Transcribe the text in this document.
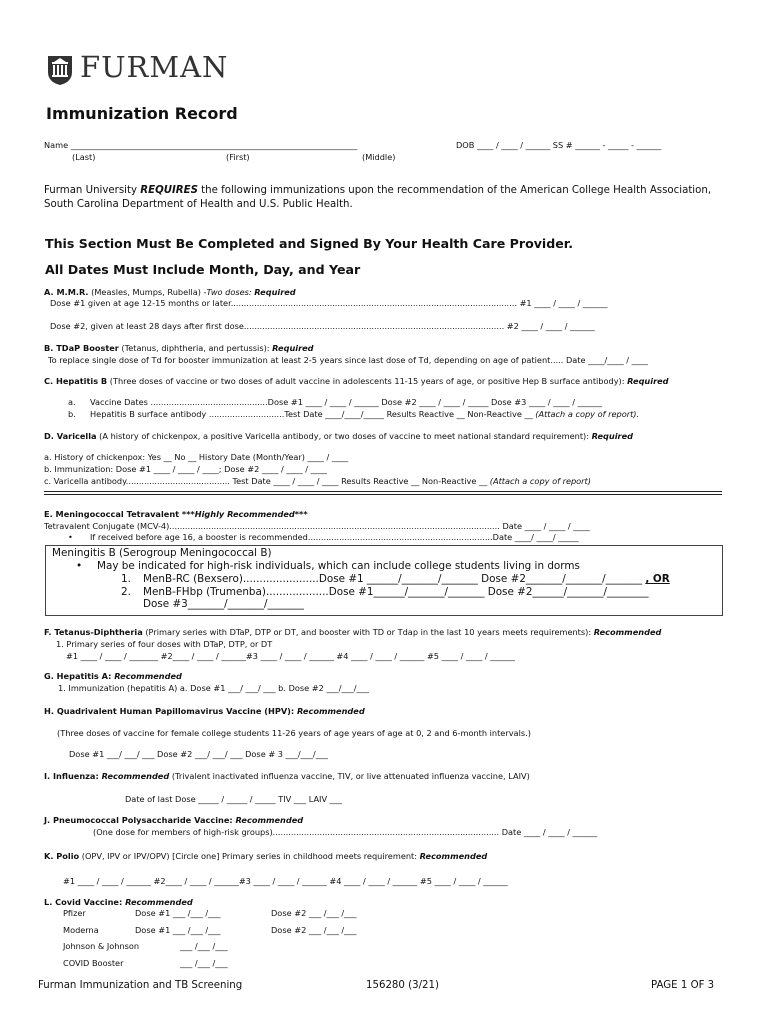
FURMAN
Immunization Record
Name ______________________________________________________________________	DOB ____ / ____ / ______ SS # ______ - _____ - ______
(Last)	(First)	(Middle)
Furman University REQUIRES the following immunizations upon the recommendation of the American College Health Association,
South Carolina Department of Health and U.S. Public Health.
This Section Must Be Completed and Signed By Your Health Care Provider.
All Dates Must Include Month, Day, and Year
A. M.M.R. (Measles, Mumps, Rubella) -Two doses: Required
Dose #1 given at age 12-15 months or later.............................................................................................................. #1 ____ / ____ / ______
Dose #2, given at least 28 days after first dose.................................................................................................... #2 ____ / ____ / ______
B. TDaP Booster (Tetanus, diphtheria, and pertussis): Required
To replace single dose of Td for booster immunization at least 2-5 years since last dose of Td, depending on age of patient..... Date ____/____ / ____
C. Hepatitis B (Three doses of vaccine or two doses of adult vaccine in adolescents 11-15 years of age, or positive Hep B surface antibody): Required
a. Vaccine Dates .............................................Dose #1 ____ / ____ / ______ Dose #2 ____ / ____ / _____ Dose #3 ____ / ____ / ______
b. Hepatitis B surface antibody .............................Test Date ____/____/_____ Results Reactive __ Non-Reactive __ (Attach a copy of report).
D. Varicella (A history of chickenpox, a positive Varicella antibody, or two doses of vaccine to meet national standard requirement): Required
a. History of chickenpox: Yes __ No __ History Date (Month/Year) ____ / ____
b. Immunization: Dose #1 ____ / ____ / ____; Dose #2 ____ / ____ / ____
c. Varicella antibody........................................ Test Date ____ / ____ / ____ Results Reactive __ Non-Reactive __ (Attach a copy of report)
E. Meningococcal Tetravalent ***Highly Recommended***
Tetravalent Conjugate (MCV-4)............................................................................................................................... Date ____ / ____ / ____
• If received before age 16, a booster is recommended.......................................................................Date ____/ ____/ _____
Meningitis B (Serogroup Meningococcal B)
• May be indicated for high-risk individuals, which can include college students living in dorms
1. MenB-RC (Bexsero).......................Dose #1 ______/_______/_______ Dose #2_______/_______/_______ , OR
2. MenB-FHbp (Trumenba)...................Dose #1______/_______/_______ Dose #2______/_______/________
Dose #3_______/_______/_______
F. Tetanus-Diphtheria (Primary series with DTaP, DTP or DT, and booster with TD or Tdap in the last 10 years meets requirements): Recommended
1. Primary series of four doses with DTaP, DTP, or DT
#1 ____ / ____ / _______ #2____ / ____ / ______#3 ____ / ____ / ______ #4 ____ / ____ / ______ #5 ____ / ____ / ______
G. Hepatitis A: Recommended
1. Immunization (hepatitis A) a. Dose #1 ___/ ___/ ___ b. Dose #2 ___/___/___
H. Quadrivalent Human Papillomavirus Vaccine (HPV): Recommended
(Three doses of vaccine for female college students 11-26 years of age years of age at 0, 2 and 6-month intervals.)
Dose #1 ___/ ___/ ___ Dose #2 ___/ ___/ ___ Dose # 3 ___/___/___
I. Influenza: Recommended (Trivalent inactivated influenza vaccine, TIV, or live attenuated influenza vaccine, LAIV)
Date of last Dose _____ / _____ / _____ TIV ___ LAIV ___
J. Pneumococcal Polysaccharide Vaccine: Recommended
(One dose for members of high-risk groups)....................................................................................... Date ____ / ____ / ______
K. Polio (OPV, IPV or IPV/OPV) [Circle one] Primary series in childhood meets requirement: Recommended
#1 ____ / ____ / ______ #2____ / ____ / ______#3 ____ / ____ / ______ #4 ____ / ____ / ______ #5 ____ / ____ / ______
L. Covid Vaccine: Recommended
Pfizer	Dose #1 ___ /___ /___	Dose #2 ___ /___ /___
Moderna	Dose #1 ___ /___ /___	Dose #2 ___ /___ /___
Johnson & Johnson	___ /___ /___
COVID Booster	___ /___ /___
Furman Immunization and TB Screening	156280 (3/21)	PAGE 1 OF 3
